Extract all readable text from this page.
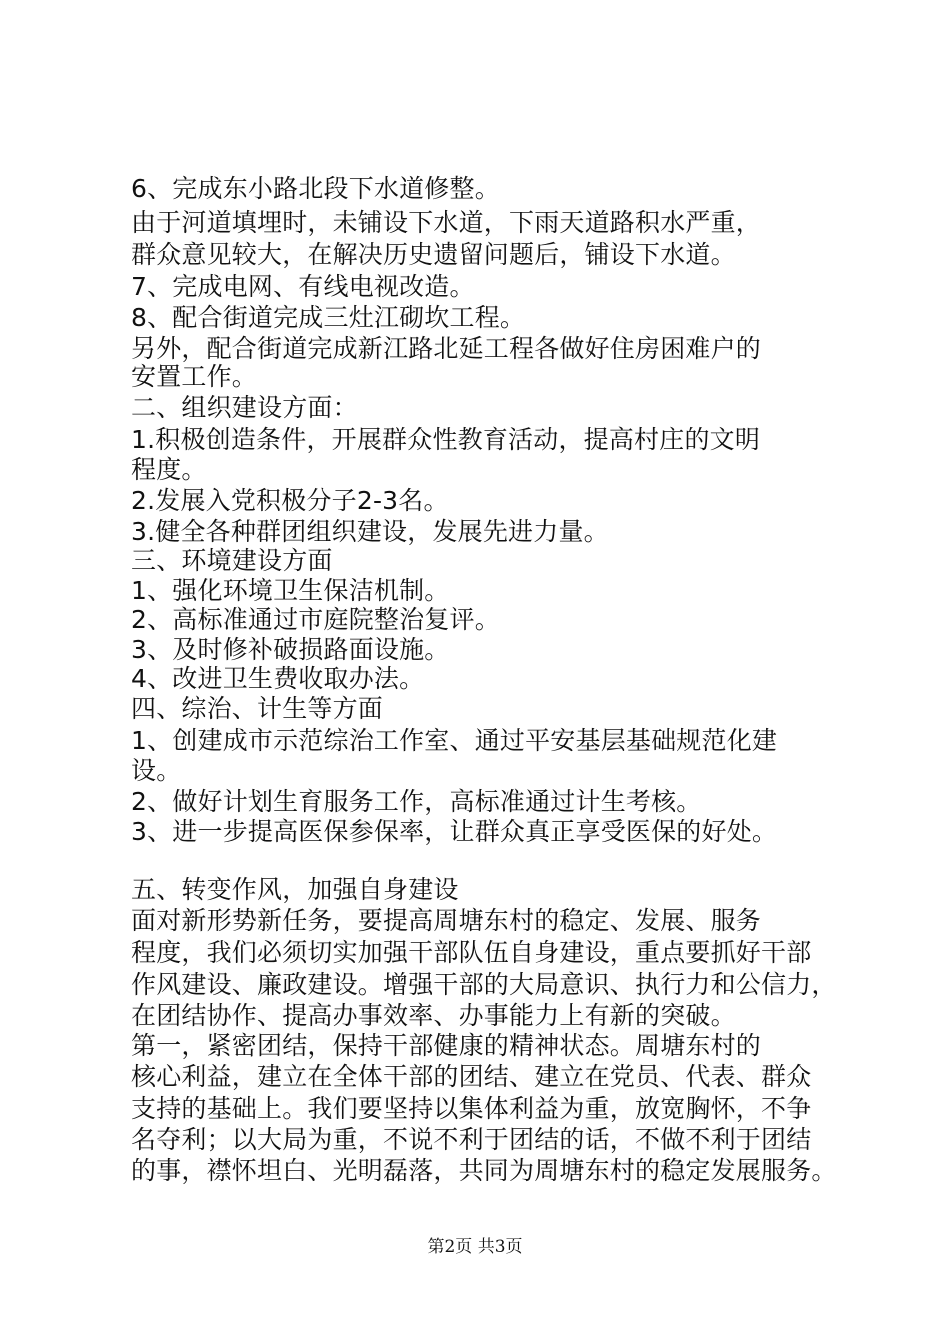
6、完成东小路北段下水道修整。
由于河道填埋时，未铺设下水道，下雨天道路积水严重，
群众意见较大，在解决历史遗留问题后，铺设下水道。
7、完成电网、有线电视改造。
8、配合街道完成三灶江砌坎工程。
另外，配合街道完成新江路北延工程各做好住房困难户的
安置工作。
二、组织建设方面：
1.积极创造条件，开展群众性教育活动，提高村庄的文明
程度。
2.发展入党积极分子2-3名。
3.健全各种群团组织建设，发展先进力量。
三、环境建设方面
1、强化环境卫生保洁机制。
2、高标准通过市庭院整治复评。
3、及时修补破损路面设施。
4、改进卫生费收取办法。
四、综治、计生等方面
1、创建成市示范综治工作室、通过平安基层基础规范化建
设。
2、做好计划生育服务工作，高标准通过计生考核。
3、进一步提高医保参保率，让群众真正享受医保的好处。
五、转变作风，加强自身建设
面对新形势新任务，要提高周塘东村的稳定、发展、服务
程度，我们必须切实加强干部队伍自身建设，重点要抓好干部
作风建设、廉政建设。增强干部的大局意识、执行力和公信力，
在团结协作、提高办事效率、办事能力上有新的突破。
第一，紧密团结，保持干部健康的精神状态。周塘东村的
核心利益，建立在全体干部的团结、建立在党员、代表、群众
支持的基础上。我们要坚持以集体利益为重，放宽胸怀，不争
名夺利；以大局为重，不说不利于团结的话，不做不利于团结
的事，襟怀坦白、光明磊落，共同为周塘东村的稳定发展服务。
第2页 共3页
